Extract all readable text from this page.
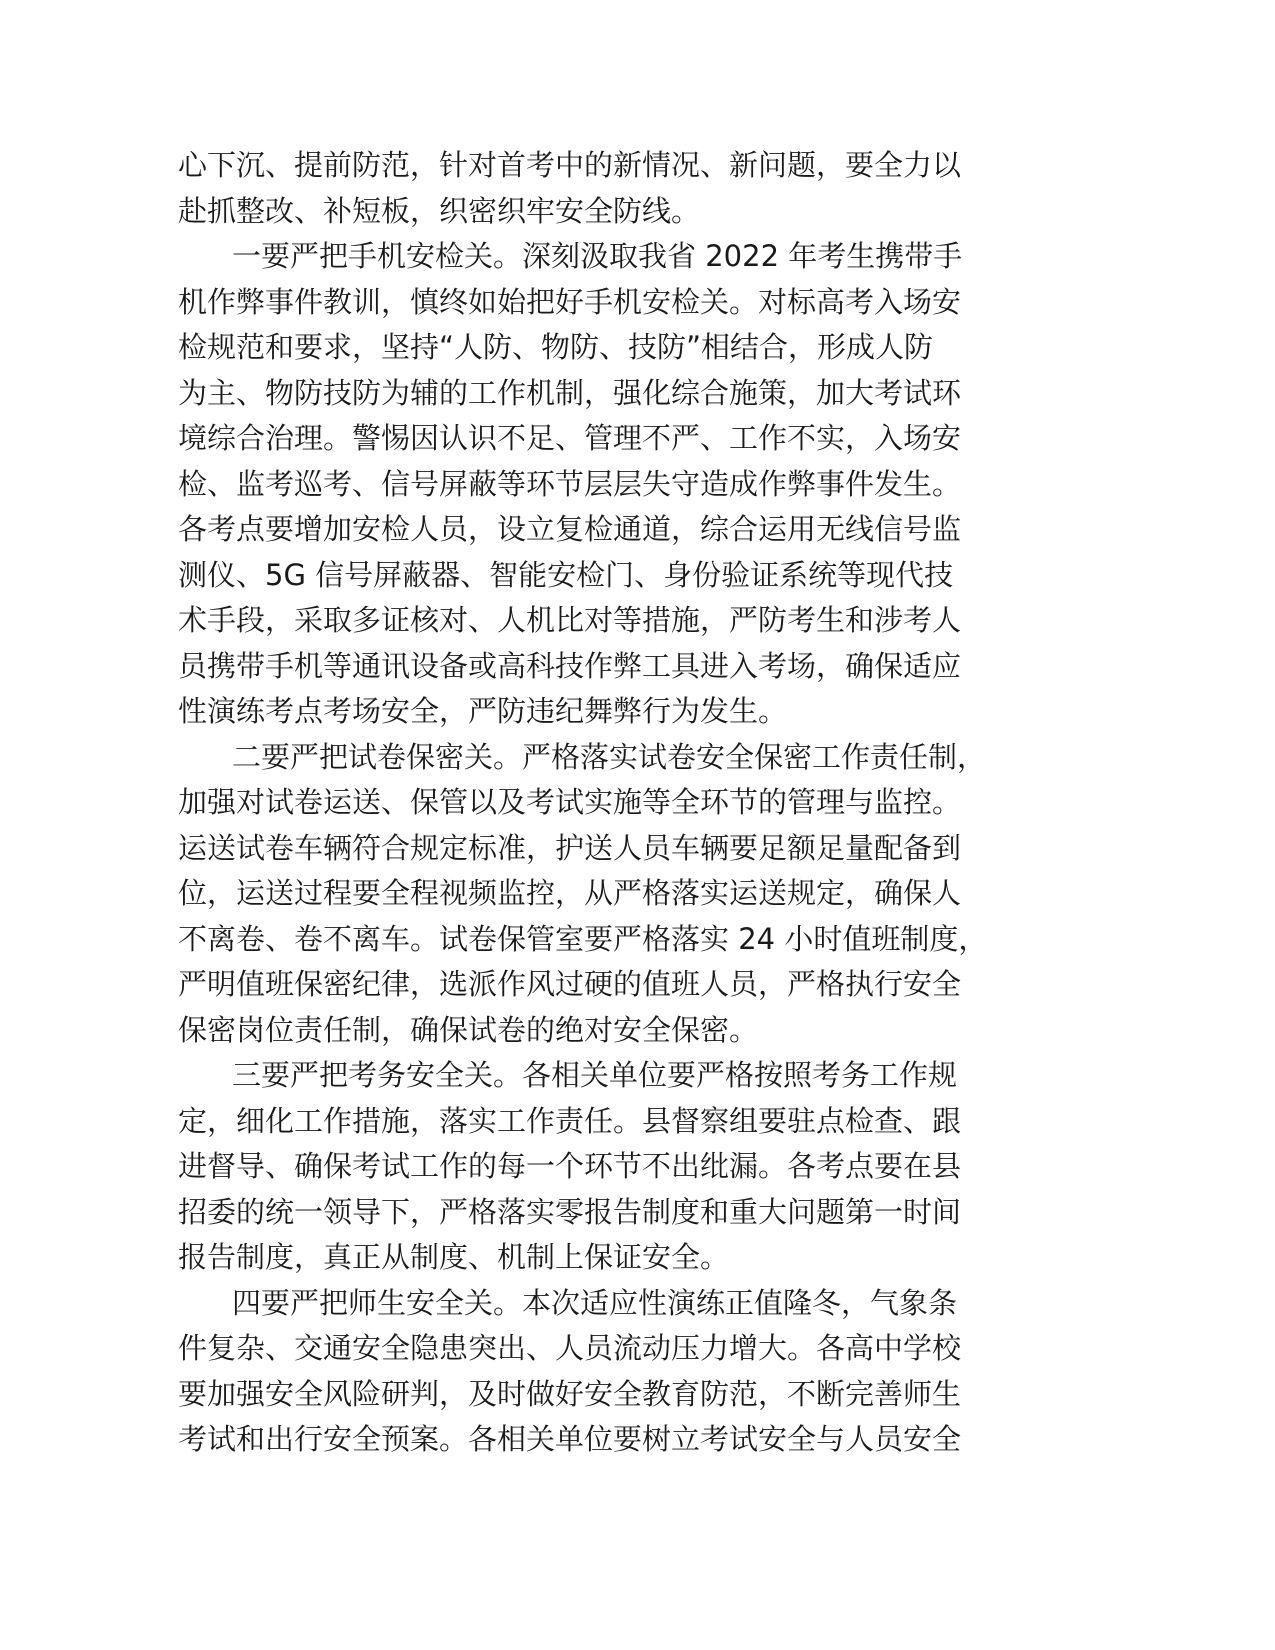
心下沉、提前防范，针对首考中的新情况、新问题，要全力以
赴抓整改、补短板，织密织牢安全防线。
一要严把手机安检关。深刻汲取我省 2022 年考生携带手
机作弊事件教训，慎终如始把好手机安检关。对标高考入场安
检规范和要求，坚持“人防、物防、技防”相结合，形成人防
为主、物防技防为辅的工作机制，强化综合施策，加大考试环
境综合治理。警惕因认识不足、管理不严、工作不实，入场安
检、监考巡考、信号屏蔽等环节层层失守造成作弊事件发生。
各考点要增加安检人员，设立复检通道，综合运用无线信号监
测仪、5G 信号屏蔽器、智能安检门、身份验证系统等现代技
术手段，采取多证核对、人机比对等措施，严防考生和涉考人
员携带手机等通讯设备或高科技作弊工具进入考场，确保适应
性演练考点考场安全，严防违纪舞弊行为发生。
二要严把试卷保密关。严格落实试卷安全保密工作责任制，
加强对试卷运送、保管以及考试实施等全环节的管理与监控。
运送试卷车辆符合规定标准，护送人员车辆要足额足量配备到
位，运送过程要全程视频监控，从严格落实运送规定，确保人
不离卷、卷不离车。试卷保管室要严格落实 24 小时值班制度，
严明值班保密纪律，选派作风过硬的值班人员，严格执行安全
保密岗位责任制，确保试卷的绝对安全保密。
三要严把考务安全关。各相关单位要严格按照考务工作规
定，细化工作措施，落实工作责任。县督察组要驻点检查、跟
进督导、确保考试工作的每一个环节不出纰漏。各考点要在县
招委的统一领导下，严格落实零报告制度和重大问题第一时间
报告制度，真正从制度、机制上保证安全。
四要严把师生安全关。本次适应性演练正值隆冬，气象条
件复杂、交通安全隐患突出、人员流动压力增大。各高中学校
要加强安全风险研判，及时做好安全教育防范，不断完善师生
考试和出行安全预案。各相关单位要树立考试安全与人员安全
